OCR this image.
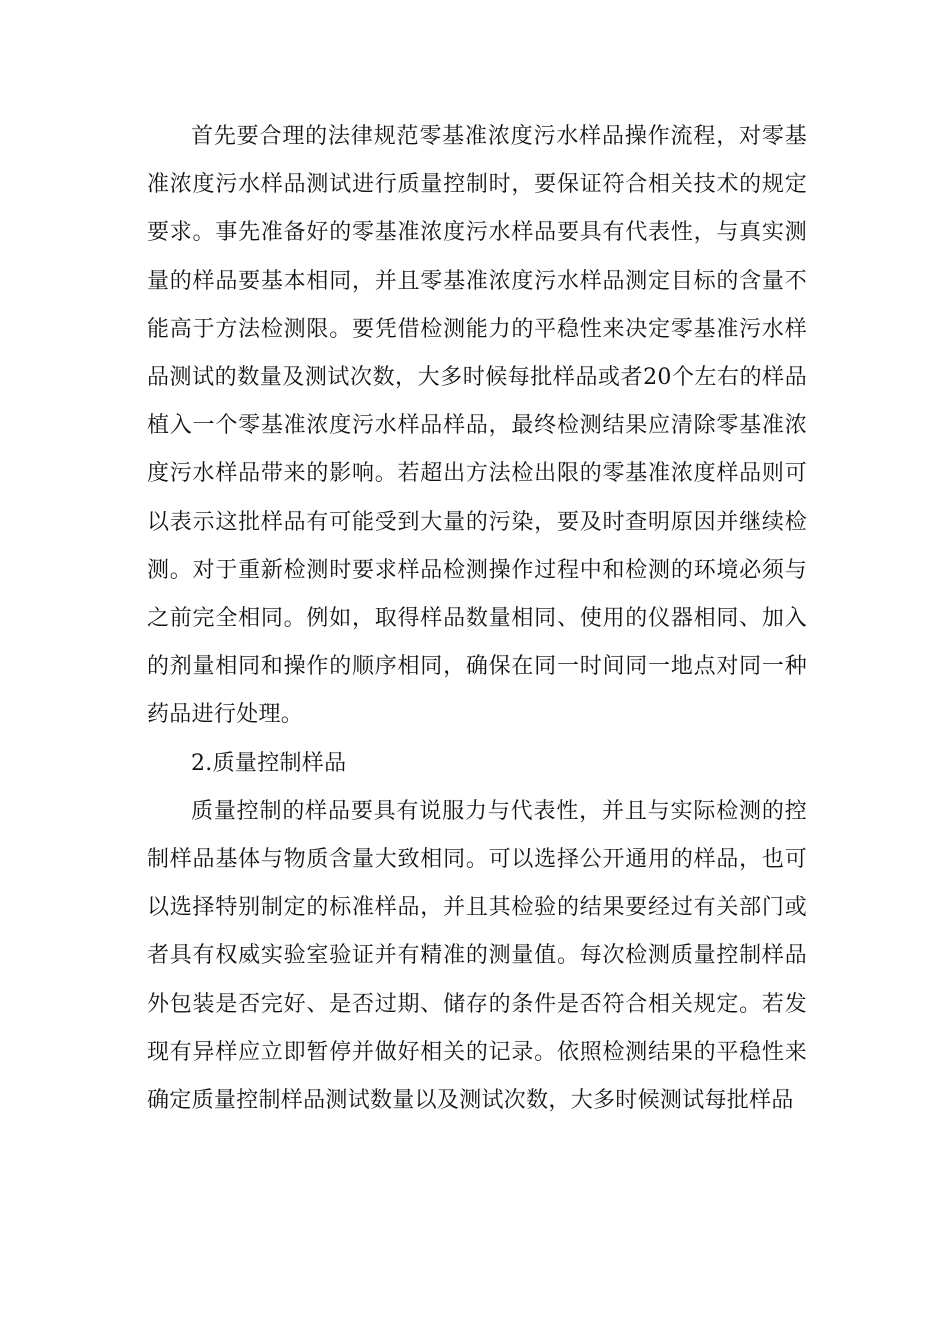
首先要合理的法律规范零基准浓度污水样品操作流程，对零基准浓度污水样品测试进行质量控制时，要保证符合相关技术的规定要求。事先准备好的零基准浓度污水样品要具有代表性，与真实测量的样品要基本相同，并且零基准浓度污水样品测定目标的含量不能高于方法检测限。要凭借检测能力的平稳性来决定零基准污水样品测试的数量及测试次数，大多时候每批样品或者20个左右的样品植入一个零基准浓度污水样品样品，最终检测结果应清除零基准浓度污水样品带来的影响。若超出方法检出限的零基准浓度样品则可以表示这批样品有可能受到大量的污染，要及时查明原因并继续检测。对于重新检测时要求样品检测操作过程中和检测的环境必须与之前完全相同。例如，取得样品数量相同、使用的仪器相同、加入的剂量相同和操作的顺序相同，确保在同一时间同一地点对同一种药品进行处理。

2.质量控制样品

质量控制的样品要具有说服力与代表性，并且与实际检测的控制样品基体与物质含量大致相同。可以选择公开通用的样品，也可以选择特别制定的标准样品，并且其检验的结果要经过有关部门或者具有权威实验室验证并有精准的测量值。每次检测质量控制样品外包装是否完好、是否过期、储存的条件是否符合相关规定。若发现有异样应立即暂停并做好相关的记录。依照检测结果的平稳性来确定质量控制样品测试数量以及测试次数，大多时候测试每批样品
